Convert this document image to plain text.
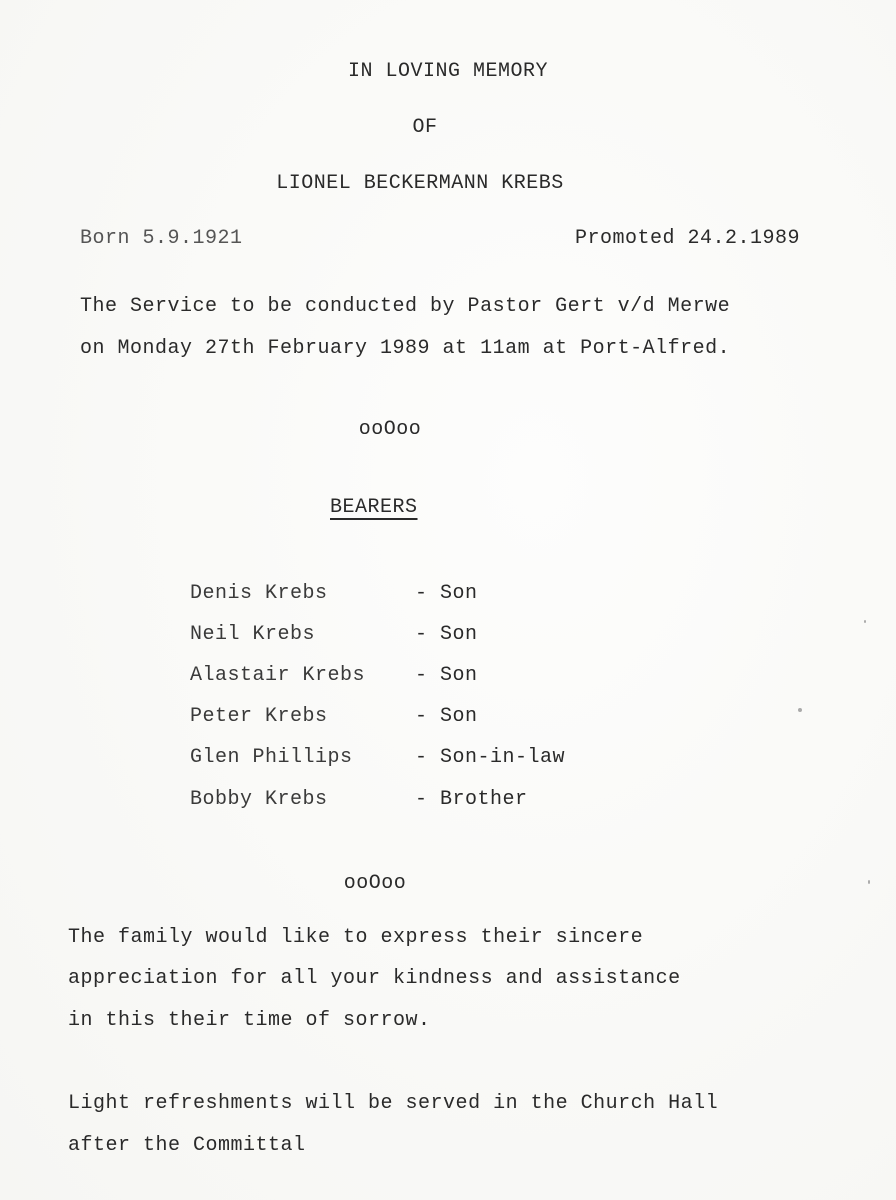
IN LOVING MEMORY
OF
LIONEL BECKERMANN KREBS
Born 5.9.1921	Promoted 24.2.1989
The Service to be conducted by Pastor Gert v/d Merwe
on Monday 27th February 1989 at 11am at Port-Alfred.
ooOoo
BEARERS
Denis Krebs	- Son
Neil Krebs	- Son
Alastair Krebs - Son
Peter Krebs	- Son
Glen Phillips	- Son-in-law
Bobby Krebs	- Brother
ooOoo
The family would like to express their sincere
appreciation for all your kindness and assistance
in this their time of sorrow.
Light refreshments will be served in the Church Hall
after the Committal
